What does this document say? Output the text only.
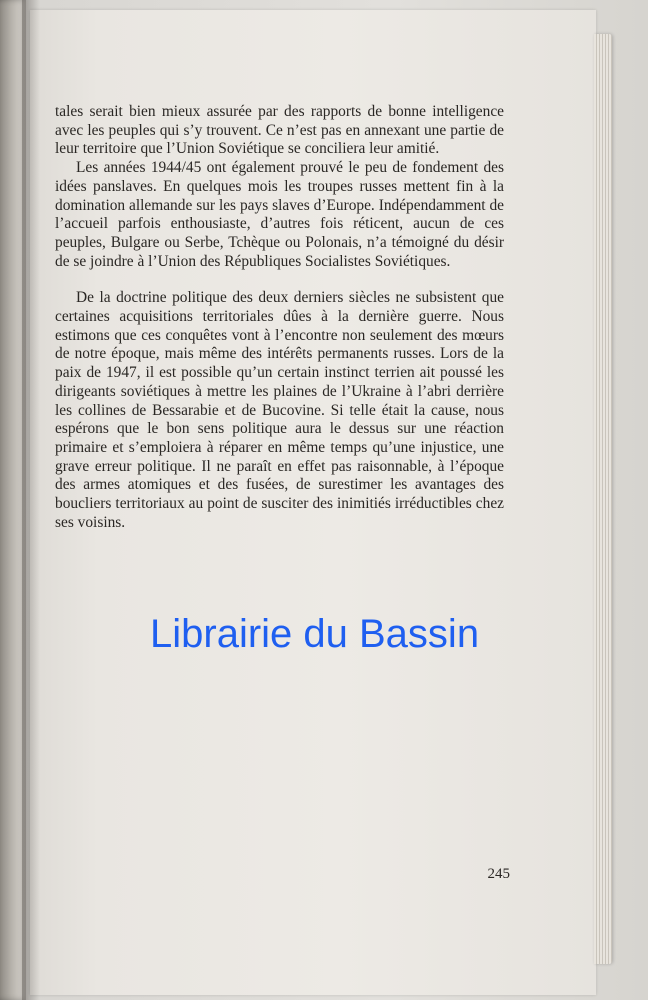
tales serait bien mieux assurée par des rapports de bonne intelligence avec les peuples qui s’y trouvent. Ce n’est pas en annexant une partie de leur territoire que l’Union Soviétique se conciliera leur amitié.

Les années 1944/45 ont également prouvé le peu de fondement des idées panslaves. En quelques mois les troupes russes mettent fin à la domination allemande sur les pays slaves d’Europe. Indépendamment de l’accueil parfois enthousiaste, d’autres fois réticent, aucun de ces peuples, Bulgare ou Serbe, Tchèque ou Polonais, n’a témoigné du désir de se joindre à l’Union des Républiques Socialistes Soviétiques.

De la doctrine politique des deux derniers siècles ne subsistent que certaines acquisitions territoriales dûes à la dernière guerre. Nous estimons que ces conquêtes vont à l’encontre non seulement des mœurs de notre époque, mais même des intérêts permanents russes. Lors de la paix de 1947, il est possible qu’un certain instinct terrien ait poussé les dirigeants soviétiques à mettre les plaines de l’Ukraine à l’abri derrière les collines de Bessarabie et de Bucovine. Si telle était la cause, nous espérons que le bon sens politique aura le dessus sur une réaction primaire et s’emploiera à réparer en même temps qu’une injustice, une grave erreur politique. Il ne paraît en effet pas raisonnable, à l’époque des armes atomiques et des fusées, de surestimer les avantages des boucliers territoriaux au point de susciter des inimitiés irréductibles chez ses voisins.

245
Librairie du Bassin
